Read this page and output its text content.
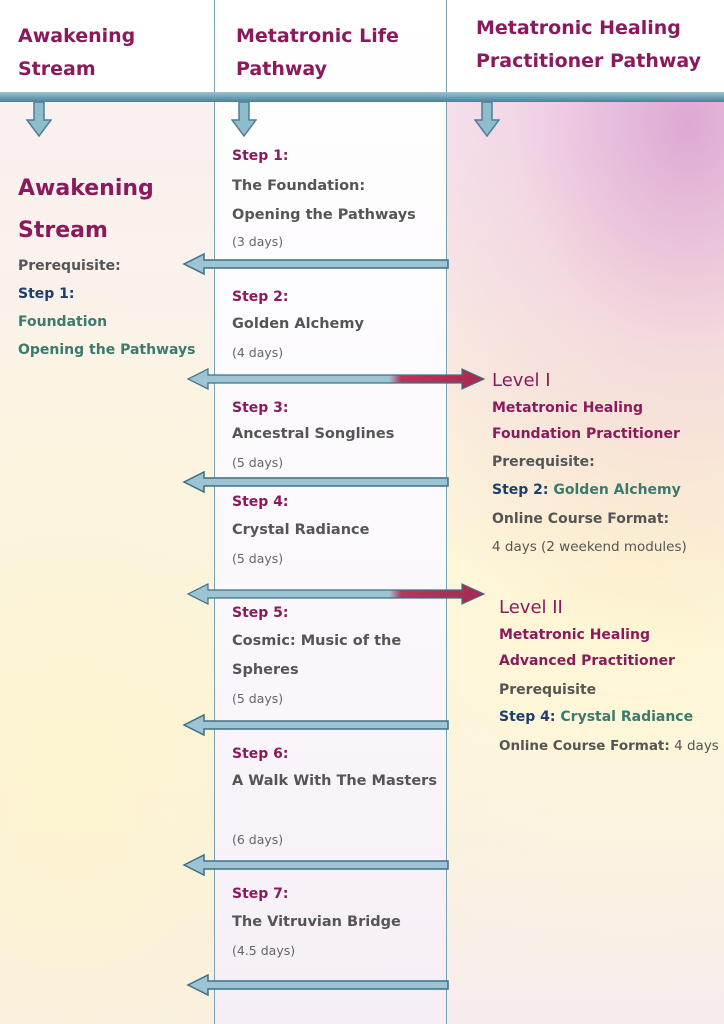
Awakening Stream
Metatronic Life Pathway
Metatronic Healing Practitioner Pathway
Awakening Stream
Prerequisite:
Step 1:
Foundation
Opening the Pathways
Step 1:
The Foundation: Opening the Pathways
(3 days)
Step 2:
Golden Alchemy
(4 days)
Step 3:
Ancestral Songlines
(5 days)
Step 4:
Crystal Radiance
(5 days)
Step 5:
Cosmic: Music of the Spheres
(5 days)
Step 6:
A Walk With The Masters
(6 days)
Step 7:
The Vitruvian Bridge
(4.5 days)
Level I
Metatronic Healing
Foundation Practitioner
Prerequisite:
Step 2: Golden Alchemy
Online Course Format:
4 days (2 weekend modules)
Level II
Metatronic Healing
Advanced Practitioner
Prerequisite
Step 4: Crystal Radiance
Online Course Format: 4 days
